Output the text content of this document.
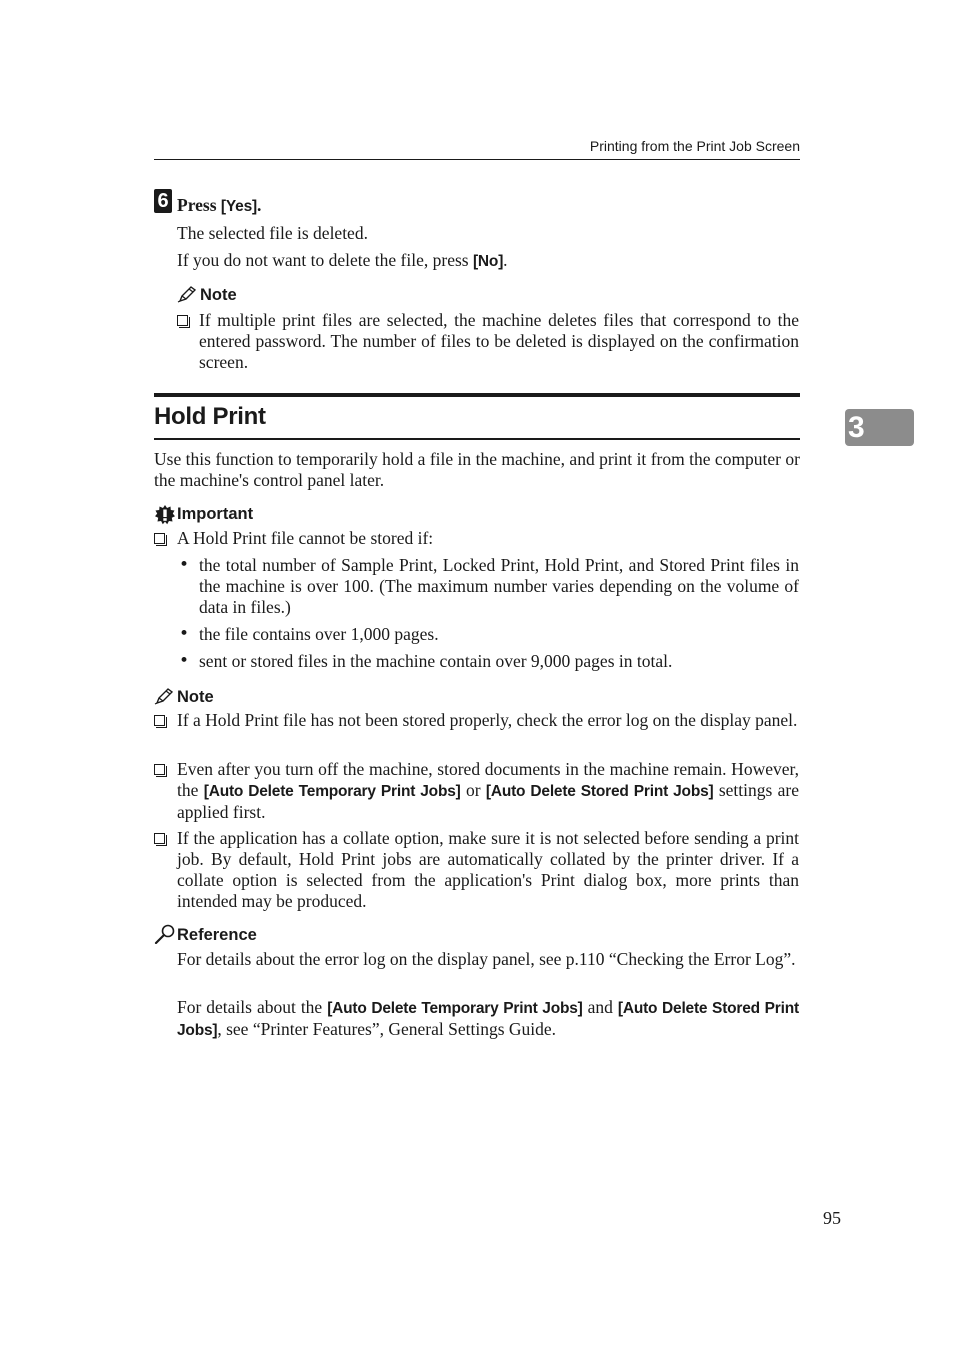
Printing from the Print Job Screen
3
6 Press [Yes].
The selected file is deleted.
If you do not want to delete the file, press [No].
Note
If multiple print files are selected, the machine deletes files that correspond to the entered password. The number of files to be deleted is displayed on the confirmation screen.
Hold Print
Use this function to temporarily hold a file in the machine, and print it from the computer or the machine's control panel later.
Important
A Hold Print file cannot be stored if:
• the total number of Sample Print, Locked Print, Hold Print, and Stored Print files in the machine is over 100. (The maximum number varies depending on the volume of data in files.)
• the file contains over 1,000 pages.
• sent or stored files in the machine contain over 9,000 pages in total.
Note
If a Hold Print file has not been stored properly, check the error log on the display panel.
Even after you turn off the machine, stored documents in the machine remain. However, the [Auto Delete Temporary Print Jobs] or [Auto Delete Stored Print Jobs] settings are applied first.
If the application has a collate option, make sure it is not selected before sending a print job. By default, Hold Print jobs are automatically collated by the printer driver. If a collate option is selected from the application's Print dialog box, more prints than intended may be produced.
Reference
For details about the error log on the display panel, see p.110 “Checking the Error Log”.
For details about the [Auto Delete Temporary Print Jobs] and [Auto Delete Stored Print Jobs], see “Printer Features”, General Settings Guide.
95
